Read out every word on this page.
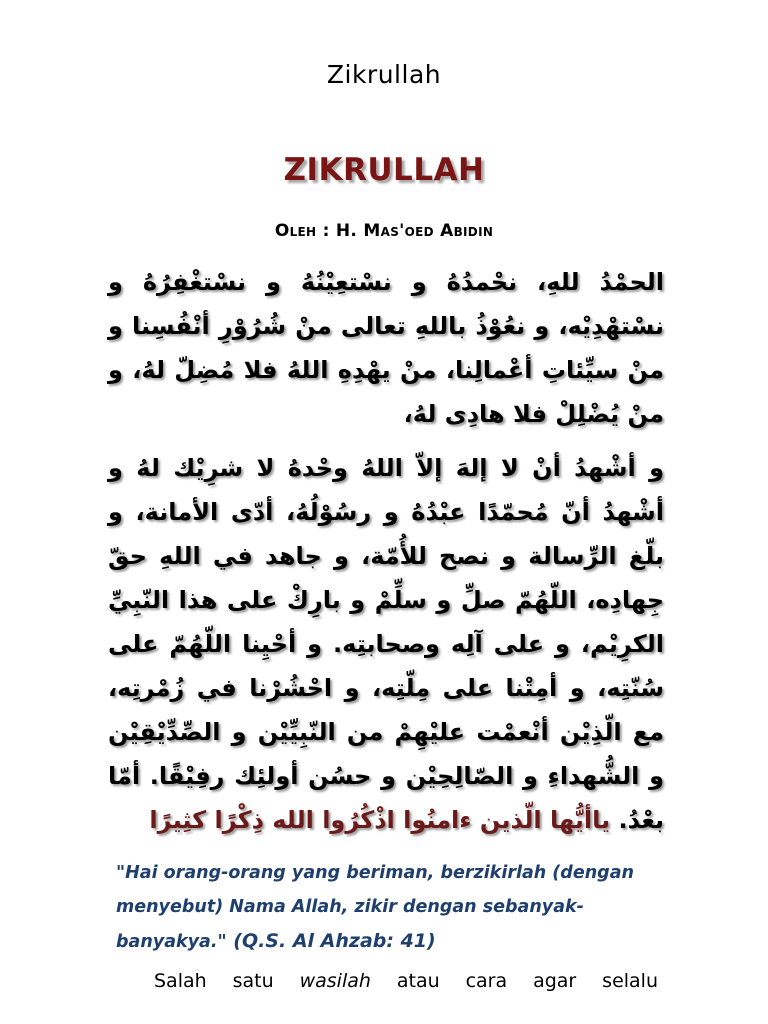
Zikrullah
ZIKRULLAH
Oleh : H. Mas'oed Abidin
الحمْدُ للهِ، نحْمدُهُ و نسْتعِيْنُهُ و نسْتغْفِرُهُ و نسْتهْدِيْه، و نعُوْذُ باللهِ تعالى منْ شُرُوْرِ أنْفُسِنا و منْ سيِّئاتِ أعْمالِنا، منْ يهْدِهِ اللهُ فلا مُضِلّ لهُ، و منْ يُضْلِلْ فلا هادِى لهُ،
و أشْهدُ أنْ لا إلهَ إلاّ اللهُ وحْدهُ لا شرِيْك لهُ و أشْهدُ أنّ مُحمّدًا عبْدُهُ و رسُوْلُهُ، أدّى الأمانة، و بلّغ الرِّسالة و نصح للأُمّة، و جاهد في اللهِ حقّ جِهادِه، اللّهُمّ صلِّ و سلِّمْ و بارِكْ على هذا النّبِيِّ الكرِيْم، و على آلِه وصحابتِه. و أحْيِنا اللّهُمّ على سُنّتِه، و أمِتْنا على مِلّتِه، و احْشُرْنا في زُمْرتِه، مع الّذِيْن أنْعمْت عليْهِمْ من النّبِيِّيْن و الصِّدِّيْقِيْن و الشُّهداءِ و الصّالِحِيْن و حسُن أولئِك رفِيْقًا. أمّا بعْدُ. ياأيُّها الّذين ءامنُوا اذْكُرُوا الله ذِكْرًا كثِيرًا
"Hai orang-orang yang beriman, berzikirlah (dengan menyebut) Nama Allah, zikir dengan sebanyak-banyakya." (Q.S. Al Ahzab: 41)
Salah satu wasilah atau cara agar selalu
